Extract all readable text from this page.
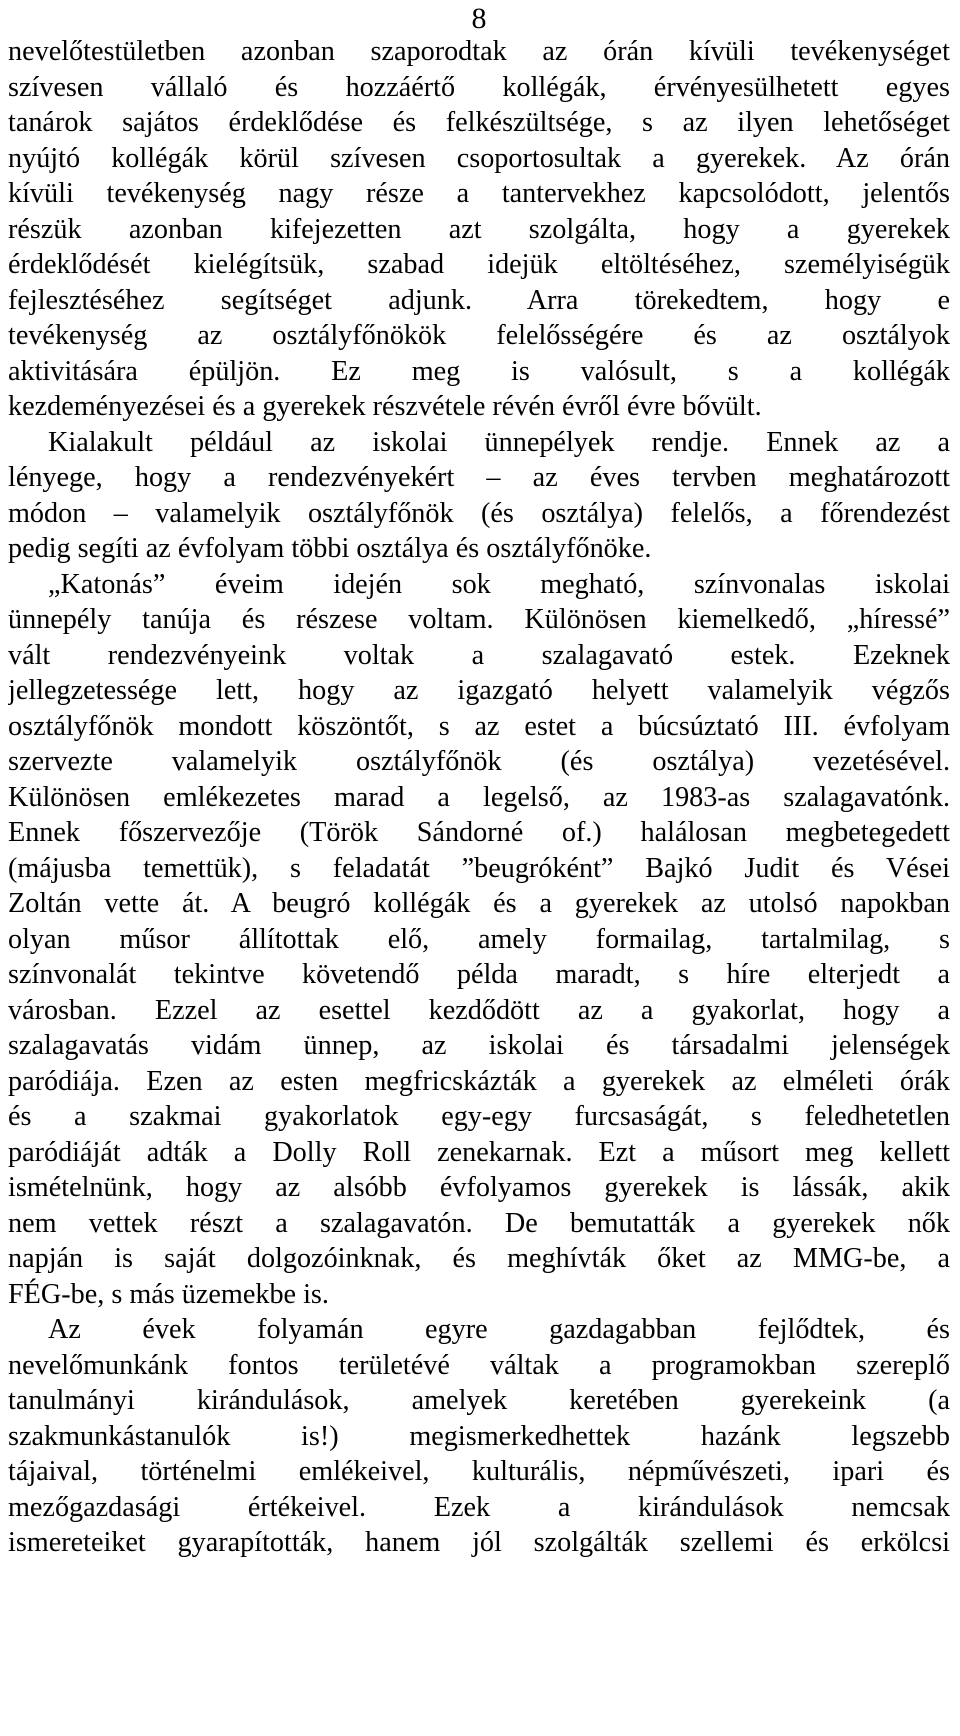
8
nevelőtestületben azonban szaporodtak az órán kívüli tevékenységet
szívesen vállaló és hozzáértő kollégák, érvényesülhetett egyes
tanárok sajátos érdeklődése és felkészültsége, s az ilyen lehetőséget
nyújtó kollégák körül szívesen csoportosultak a gyerekek. Az órán
kívüli tevékenység nagy része a tantervekhez kapcsolódott, jelentős
részük azonban kifejezetten azt szolgálta, hogy a gyerekek
érdeklődését kielégítsük, szabad idejük eltöltéséhez, személyiségük
fejlesztéséhez segítséget adjunk. Arra törekedtem, hogy e
tevékenység az osztályfőnökök felelősségére és az osztályok
aktivitására épüljön. Ez meg is valósult, s a kollégák
kezdeményezései és a gyerekek részvétele révén évről évre bővült.
Kialakult például az iskolai ünnepélyek rendje. Ennek az a
lényege, hogy a rendezvényekért – az éves tervben meghatározott
módon – valamelyik osztályfőnök (és osztálya) felelős, a főrendezést
pedig segíti az évfolyam többi osztálya és osztályfőnöke.
„Katonás” éveim idején sok megható, színvonalas iskolai
ünnepély tanúja és részese voltam. Különösen kiemelkedő, „híressé”
vált rendezvényeink voltak a szalagavató estek. Ezeknek
jellegzetessége lett, hogy az igazgató helyett valamelyik végzős
osztályfőnök mondott köszöntőt, s az estet a búcsúztató III. évfolyam
szervezte valamelyik osztályfőnök (és osztálya) vezetésével.
Különösen emlékezetes marad a legelső, az 1983-as szalagavatónk.
Ennek főszervezője (Török Sándorné of.) halálosan megbetegedett
(májusba temettük), s feladatát ”beugróként” Bajkó Judit és Vései
Zoltán vette át. A beugró kollégák és a gyerekek az utolsó napokban
olyan műsor állítottak elő, amely formailag, tartalmilag, s
színvonalát tekintve követendő példa maradt, s híre elterjedt a
városban. Ezzel az esettel kezdődött az a gyakorlat, hogy a
szalagavatás vidám ünnep, az iskolai és társadalmi jelenségek
paródiája. Ezen az esten megfricskázták a gyerekek az elméleti órák
és a szakmai gyakorlatok egy-egy furcsaságát, s feledhetetlen
paródiáját adták a Dolly Roll zenekarnak. Ezt a műsort meg kellett
ismételnünk, hogy az alsóbb évfolyamos gyerekek is lássák, akik
nem vettek részt a szalagavatón. De bemutatták a gyerekek nők
napján is saját dolgozóinknak, és meghívták őket az MMG-be, a
FÉG-be, s más üzemekbe is.
Az évek folyamán egyre gazdagabban fejlődtek, és
nevelőmunkánk fontos területévé váltak a programokban szereplő
tanulmányi kirándulások, amelyek keretében gyerekeink (a
szakmunkástanulók is!) megismerkedhettek hazánk legszebb
tájaival, történelmi emlékeivel, kulturális, népművészeti, ipari és
mezőgazdasági értékeivel. Ezek a kirándulások nemcsak
ismereteiket gyarapították, hanem jól szolgálták szellemi és erkölcsi
